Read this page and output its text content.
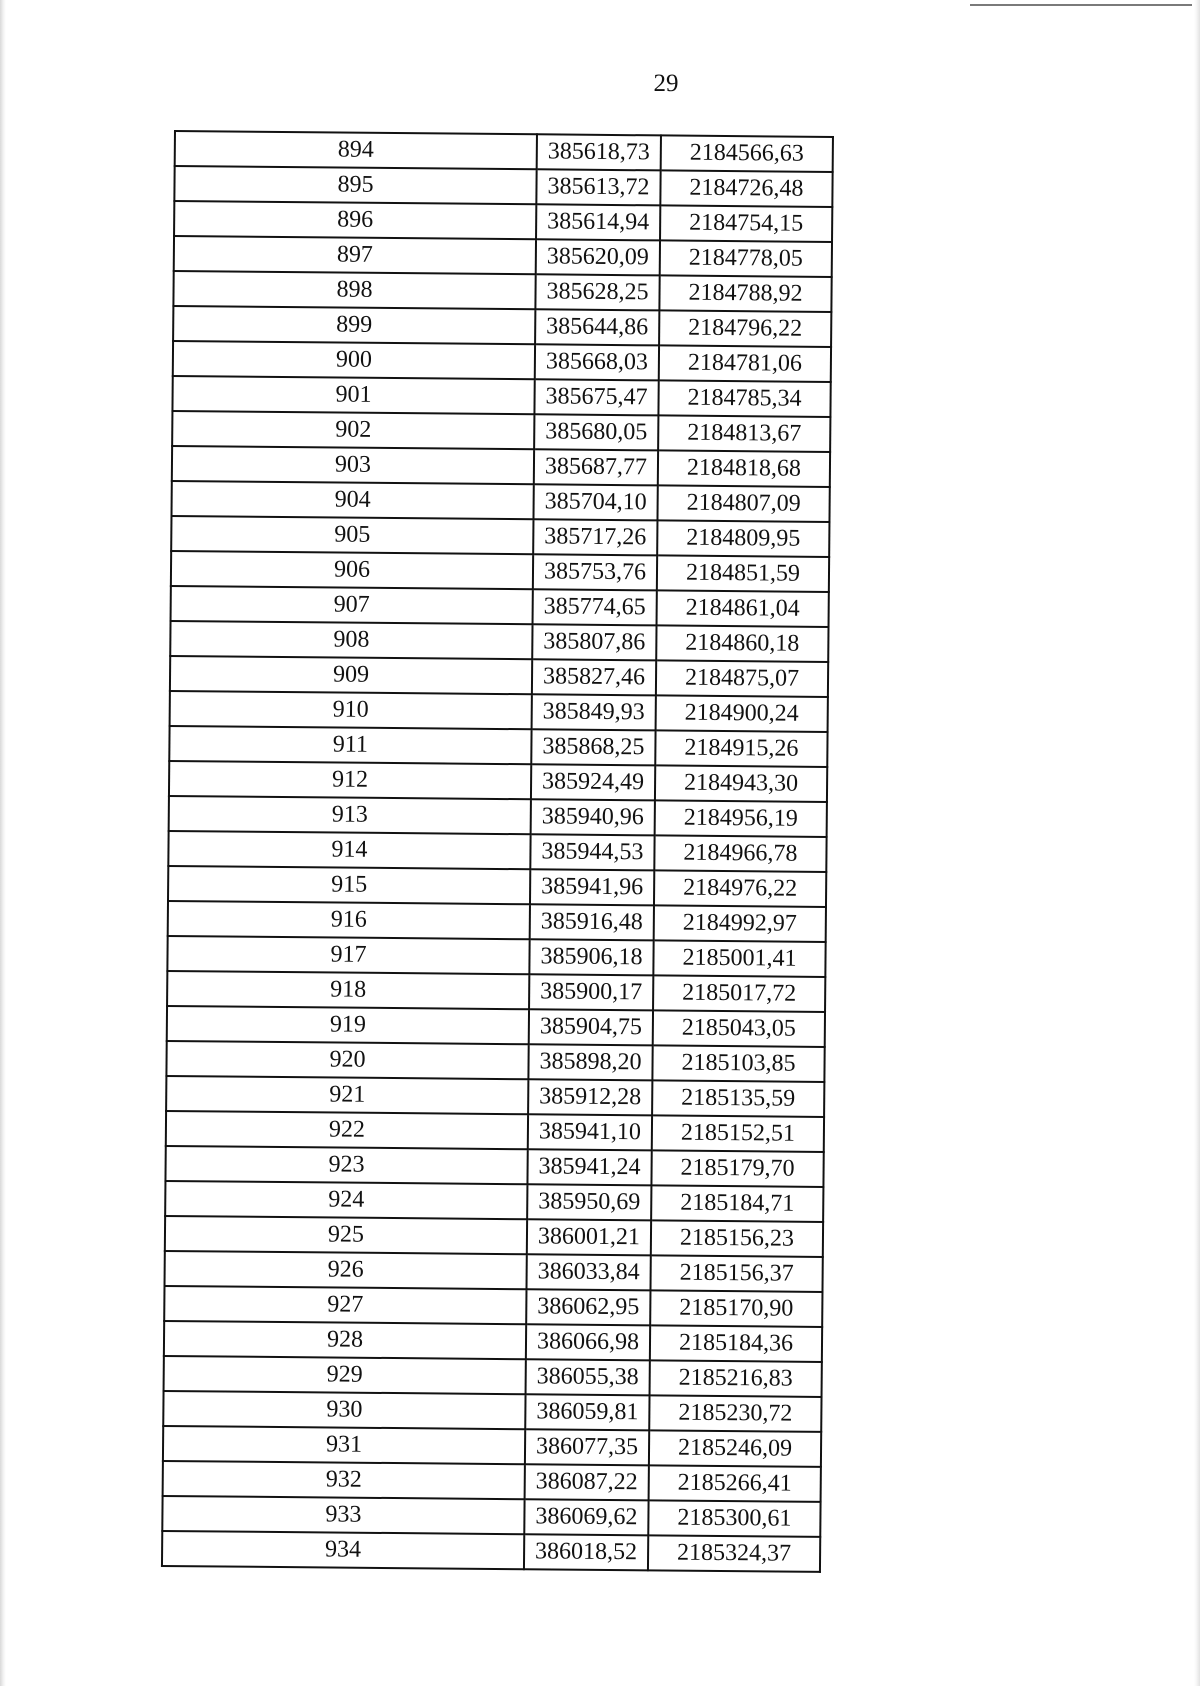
29
894	385618,73	2184566,63
895	385613,72	2184726,48
896	385614,94	2184754,15
897	385620,09	2184778,05
898	385628,25	2184788,92
899	385644,86	2184796,22
900	385668,03	2184781,06
901	385675,47	2184785,34
902	385680,05	2184813,67
903	385687,77	2184818,68
904	385704,10	2184807,09
905	385717,26	2184809,95
906	385753,76	2184851,59
907	385774,65	2184861,04
908	385807,86	2184860,18
909	385827,46	2184875,07
910	385849,93	2184900,24
911	385868,25	2184915,26
912	385924,49	2184943,30
913	385940,96	2184956,19
914	385944,53	2184966,78
915	385941,96	2184976,22
916	385916,48	2184992,97
917	385906,18	2185001,41
918	385900,17	2185017,72
919	385904,75	2185043,05
920	385898,20	2185103,85
921	385912,28	2185135,59
922	385941,10	2185152,51
923	385941,24	2185179,70
924	385950,69	2185184,71
925	386001,21	2185156,23
926	386033,84	2185156,37
927	386062,95	2185170,90
928	386066,98	2185184,36
929	386055,38	2185216,83
930	386059,81	2185230,72
931	386077,35	2185246,09
932	386087,22	2185266,41
933	386069,62	2185300,61
934	386018,52	2185324,37
